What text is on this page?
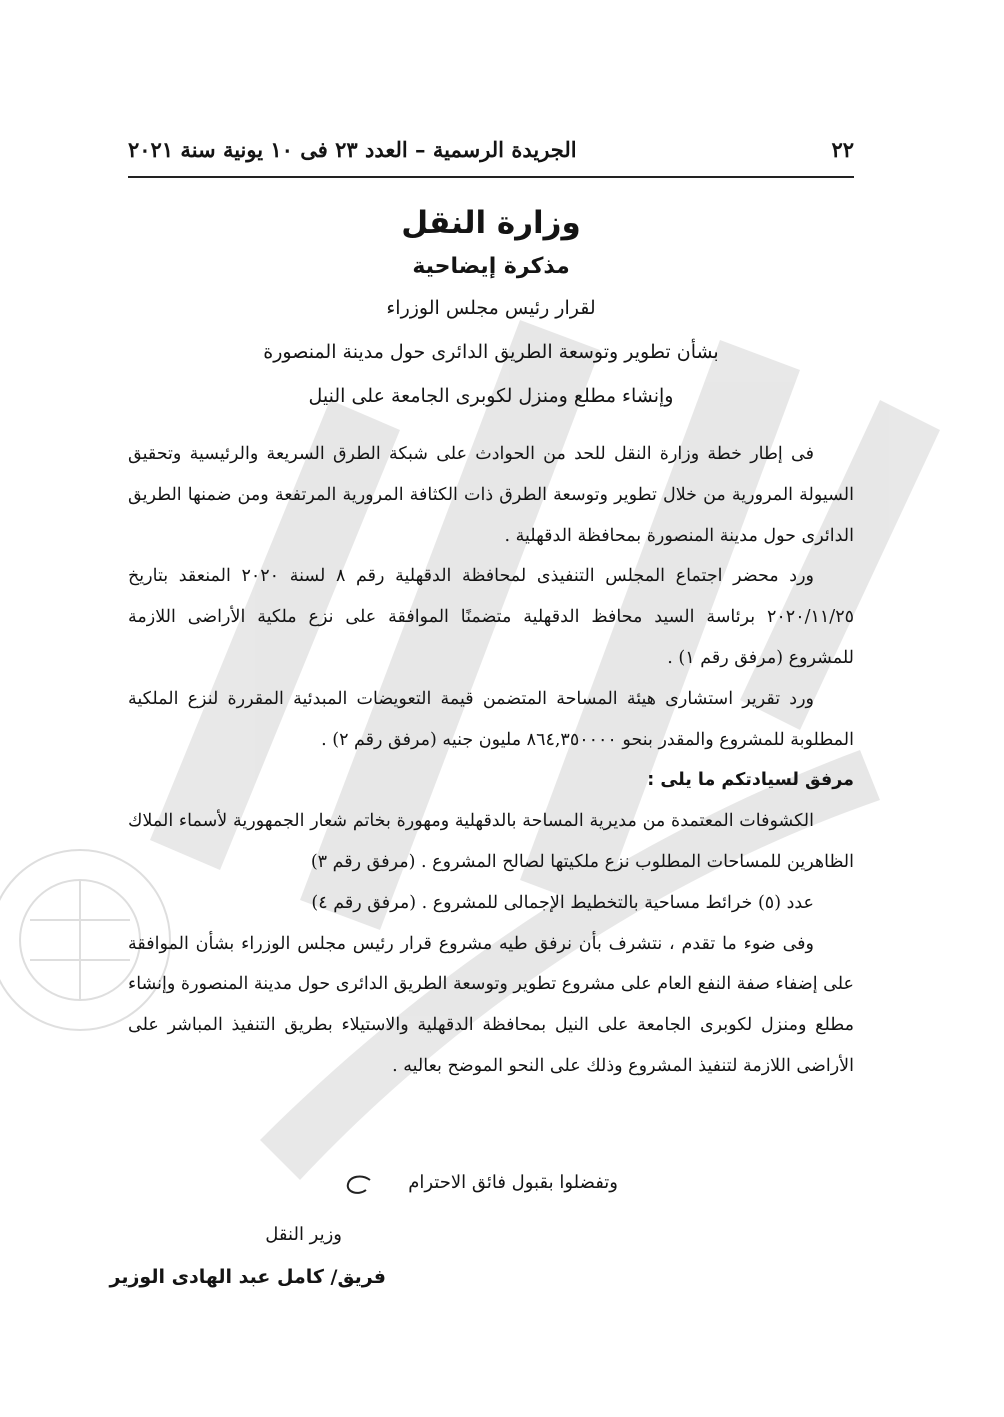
٢٢
الجريدة الرسمية – العدد ٢٣ فى ١٠ يونية سنة ٢٠٢١
وزارة النقل
مذكرة إيضاحية
لقرار رئيس مجلس الوزراء
بشأن تطوير وتوسعة الطريق الدائرى حول مدينة المنصورة
وإنشاء مطلع ومنزل لكوبرى الجامعة على النيل

فى إطار خطة وزارة النقل للحد من الحوادث على شبكة الطرق السريعة والرئيسية وتحقيق السيولة المرورية من خلال تطوير وتوسعة الطرق ذات الكثافة المرورية المرتفعة ومن ضمنها الطريق الدائرى حول مدينة المنصورة بمحافظة الدقهلية .

ورد محضر اجتماع المجلس التنفيذى لمحافظة الدقهلية رقم ٨ لسنة ٢٠٢٠ المنعقد بتاريخ ٢٠٢٠/١١/٢٥ برئاسة السيد محافظ الدقهلية متضمنًا الموافقة على نزع ملكية الأراضى اللازمة للمشروع (مرفق رقم ١) .

ورد تقرير استشارى هيئة المساحة المتضمن قيمة التعويضات المبدئية المقررة لنزع الملكية المطلوبة للمشروع والمقدر بنحو ٨٦٤,٣٥٠٠٠٠ مليون جنيه (مرفق رقم ٢) .

مرفق لسيادتكم ما يلى :

الكشوفات المعتمدة من مديرية المساحة بالدقهلية ومهورة بخاتم شعار الجمهورية لأسماء الملاك الظاهرين للمساحات المطلوب نزع ملكيتها لصالح المشروع . (مرفق رقم ٣)

عدد (٥) خرائط مساحية بالتخطيط الإجمالى للمشروع . (مرفق رقم ٤)

وفى ضوء ما تقدم ، نتشرف بأن نرفق طيه مشروع قرار رئيس مجلس الوزراء بشأن الموافقة على إضفاء صفة النفع العام على مشروع تطوير وتوسعة الطريق الدائرى حول مدينة المنصورة وإنشاء مطلع ومنزل لكوبرى الجامعة على النيل بمحافظة الدقهلية والاستيلاء بطريق التنفيذ المباشر على الأراضى اللازمة لتنفيذ المشروع وذلك على النحو الموضح بعاليه .

وتفضلوا بقبول فائق الاحترام
وزير النقل
فريق/ كامل عبد الهادى الوزير
